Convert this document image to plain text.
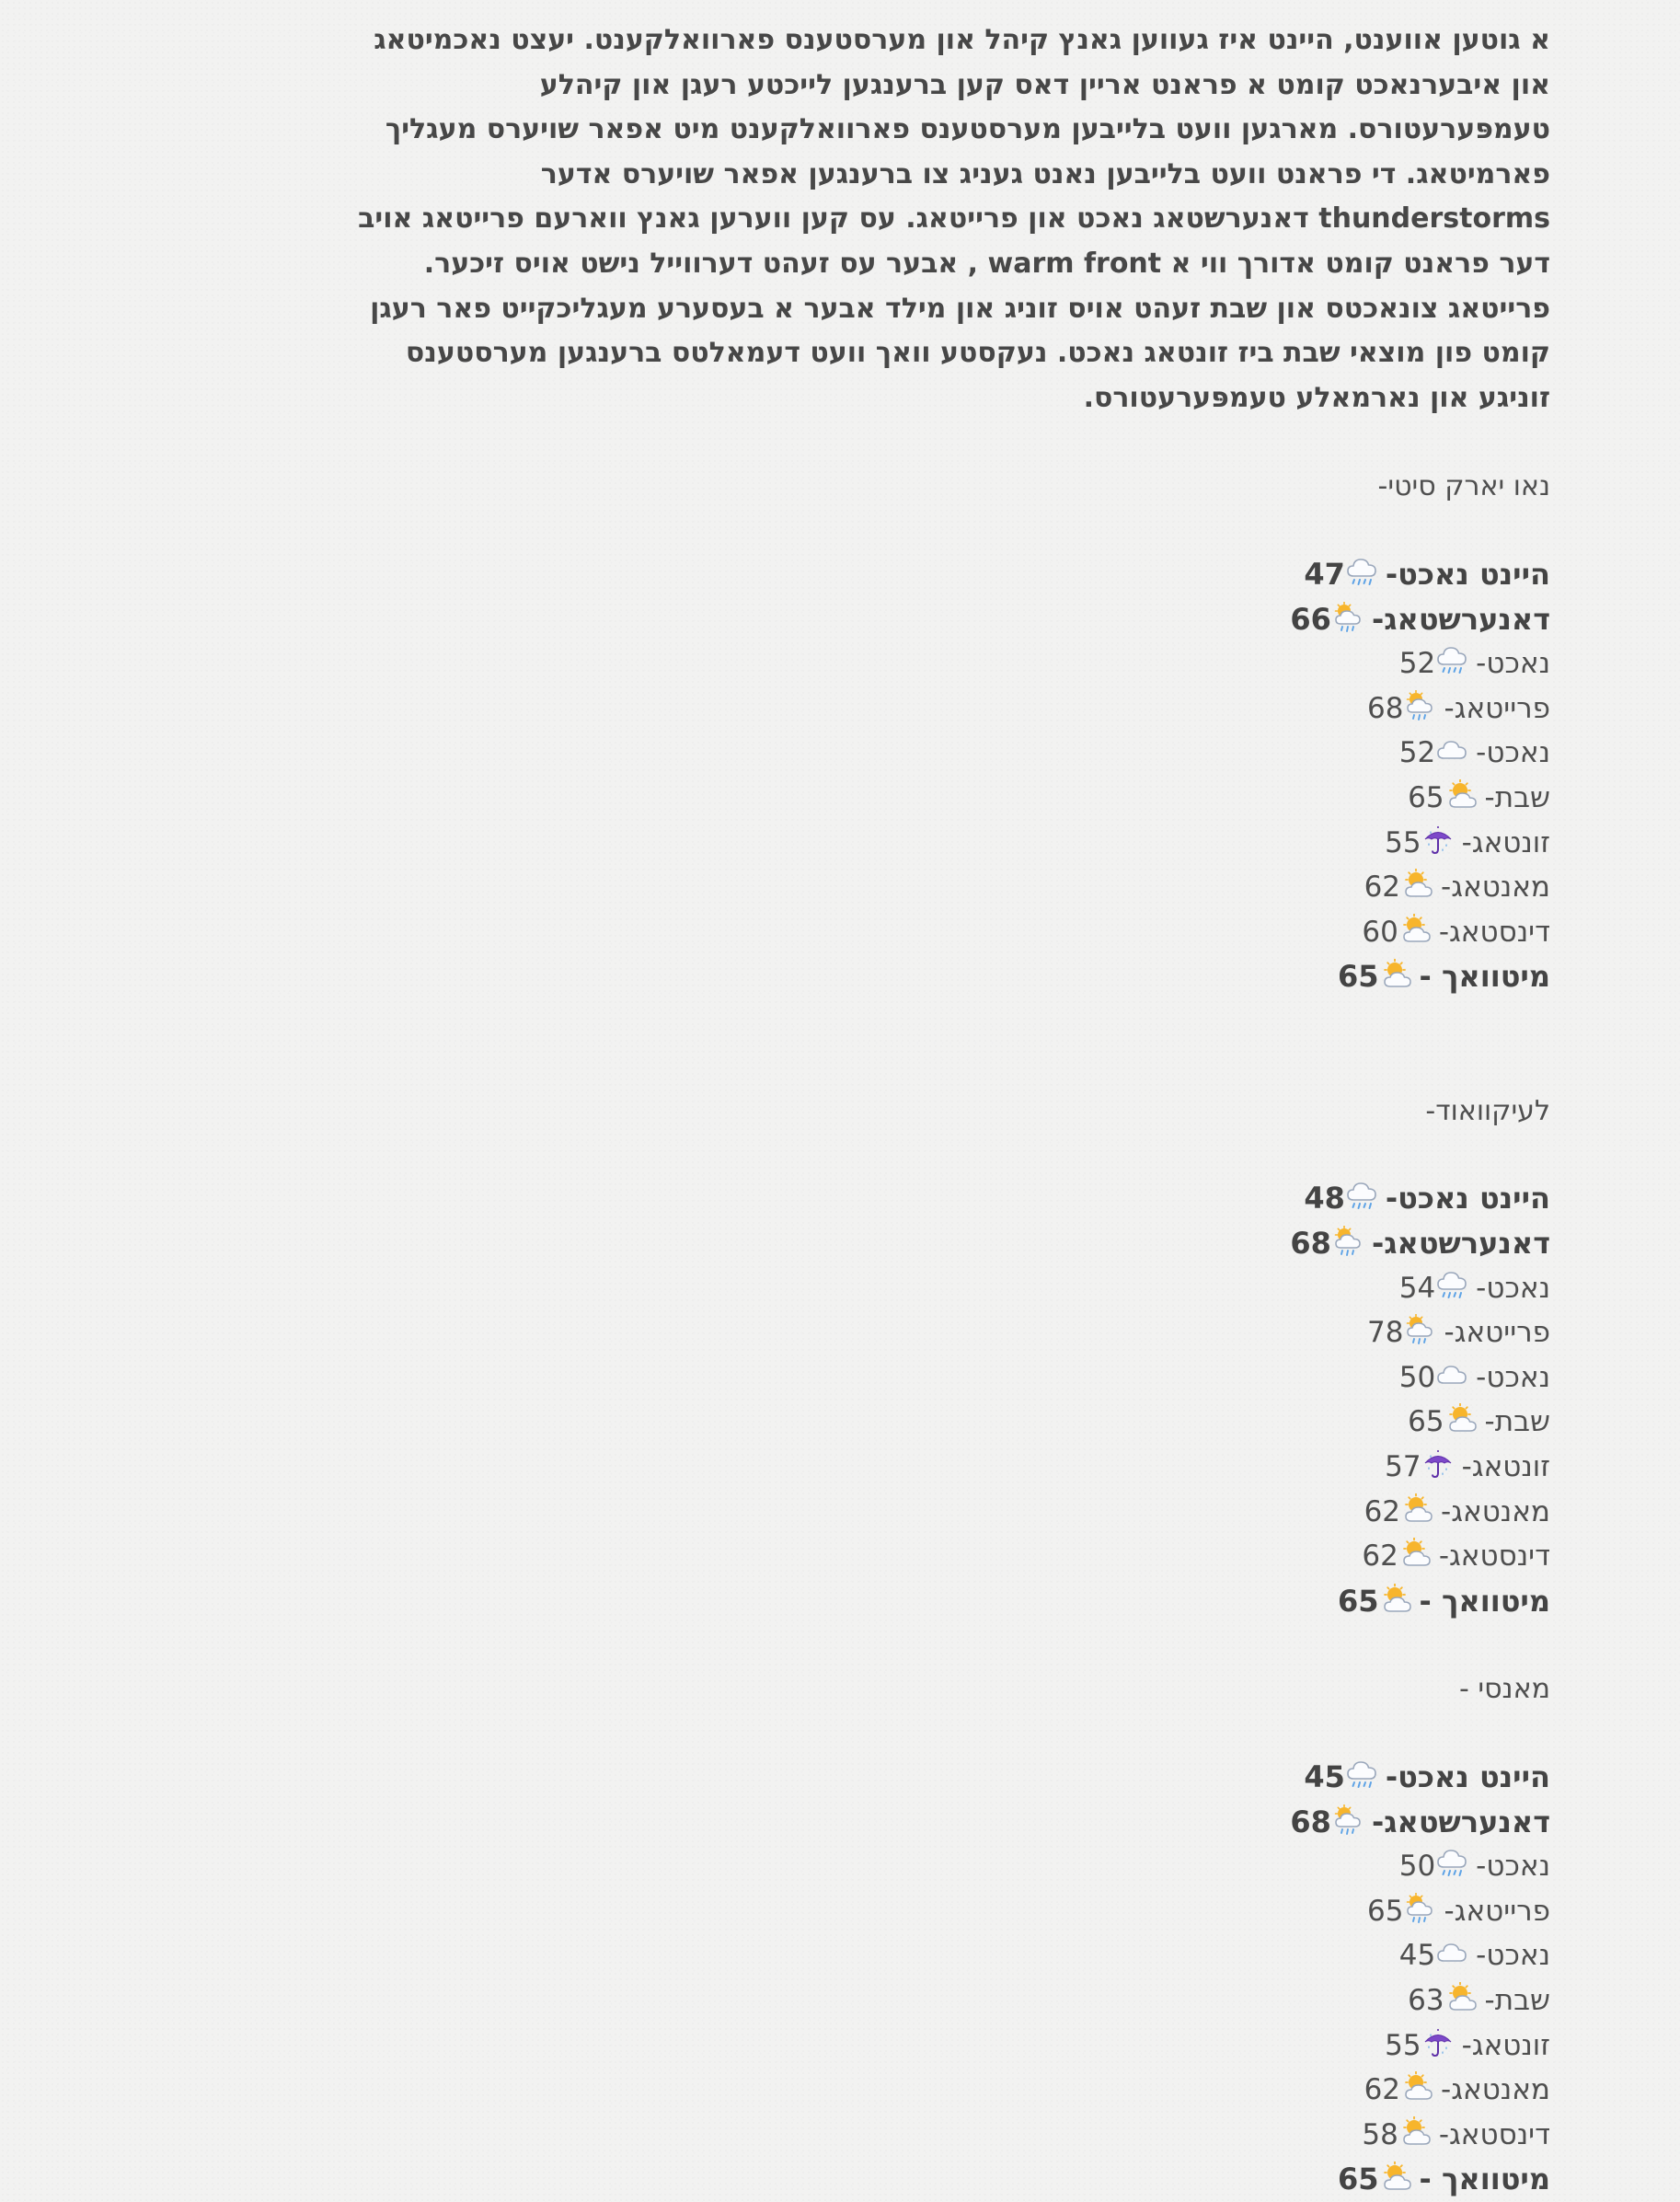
א גוטען אווענט, היינט איז געווען גאנץ קיהל און מערסטענס פארוואלקענט. יעצט נאכמיטאג און איבערנאכט קומט א פראנט אריין דאס קען ברענגען לייכטע רעגן און קיהלע טעמפּערעטורס. מארגען וועט בלייבען מערסטענס פארוואלקענט מיט אפאר שויערס מעגליך פארמיטאג. די פראנט וועט בלייבען נאנט געניג צו ברענגען אפאר שויערס אדער thunderstorms דאנערשטאג נאכט און פרייטאג. עס קען ווערען גאנץ ווארעם פרייטאג אויב דער פראנט קומט אדורך ווי א warm front , אבער עס זעהט דערווייל נישט אויס זיכער. פרייטאג צונאכטס און שבת זעהט אויס זוניג און מילד אבער א בעסערע מעגליכקייט פאר רעגן קומט פון מוצאי שבת ביז זונטאג נאכט. נעקסטע וואך וועט דעמאלטס ברענגען מערסטענס זוניגע און נארמאלע טעמפּערעטורס.

נאו יארק סיטי-
היינט נאכט-
47
דאנערשטאג-
66
נאכט-
52
פרייטאג-
68
נאכט-
52
שבת-
65
זונטאג-
55
מאנטאג-
62
דינסטאג-
60
מיטוואך -
65
לעיקוואוד-
היינט נאכט-
48
דאנערשטאג-
68
נאכט-
54
פרייטאג-
78
נאכט-
50
שבת-
65
זונטאג-
57
מאנטאג-
62
דינסטאג-
62
מיטוואך -
65
מאנסי -
היינט נאכט-
45
דאנערשטאג-
68
נאכט-
50
פרייטאג-
65
נאכט-
45
שבת-
63
זונטאג-
55
מאנטאג-
62
דינסטאג-
58
מיטוואך -
65
